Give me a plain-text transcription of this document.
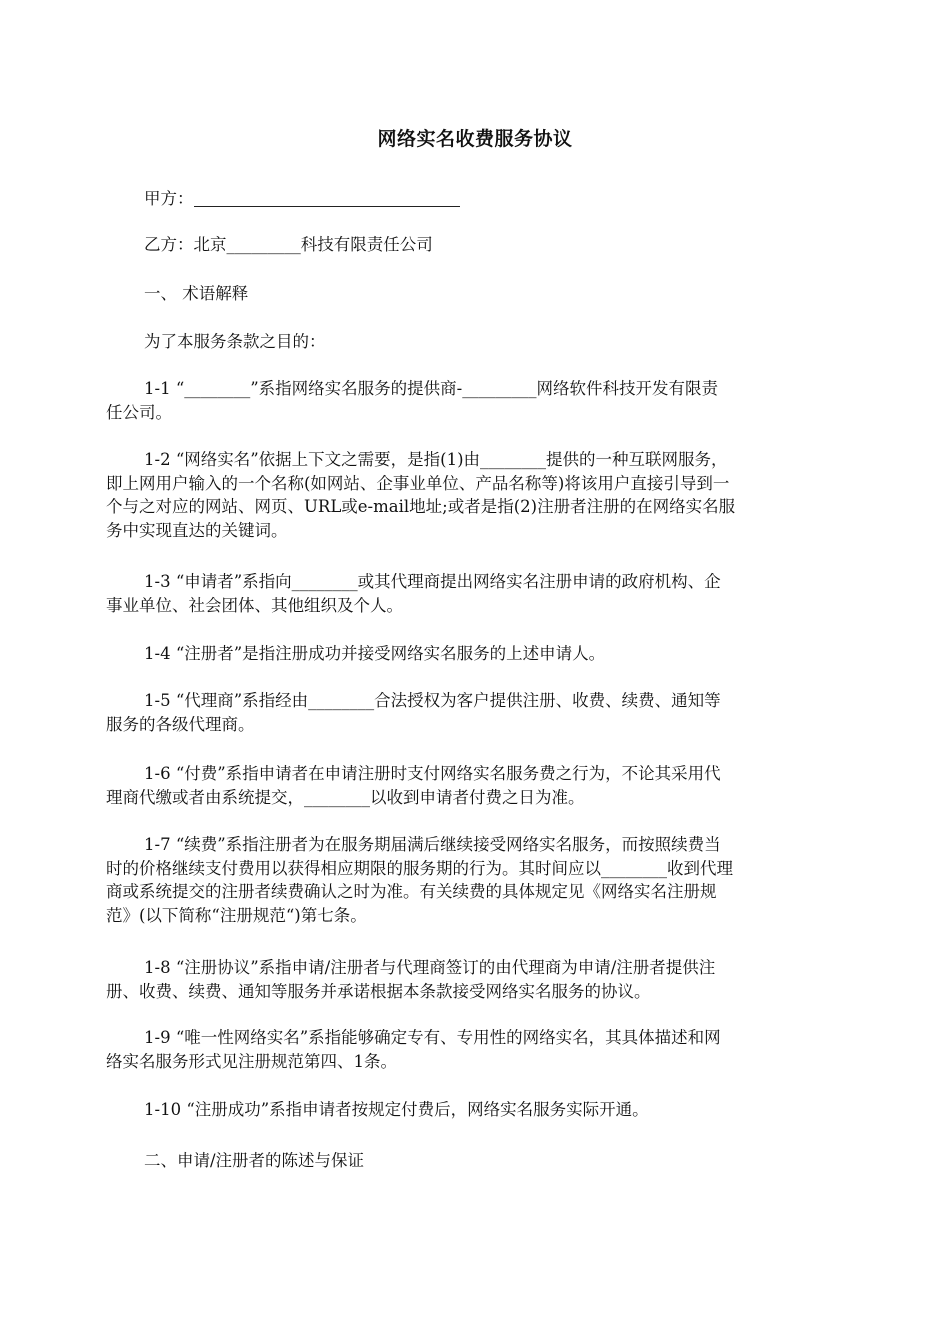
网络实名收费服务协议

甲方：

乙方：北京_________科技有限责任公司

一、 术语解释

为了本服务条款之目的：

1-1 “________”系指网络实名服务的提供商-_________网络软件科技开发有限责
任公司。

1-2 “网络实名”依据上下文之需要，是指(1)由________提供的一种互联网服务，
即上网用户输入的一个名称(如网站、企事业单位、产品名称等)将该用户直接引导到一
个与之对应的网站、网页、URL或e-mail地址;或者是指(2)注册者注册的在网络实名服
务中实现直达的关键词。

1-3 “申请者”系指向________或其代理商提出网络实名注册申请的政府机构、企
事业单位、社会团体、其他组织及个人。

1-4 “注册者”是指注册成功并接受网络实名服务的上述申请人。

1-5 “代理商”系指经由________合法授权为客户提供注册、收费、续费、通知等
服务的各级代理商。

1-6 “付费”系指申请者在申请注册时支付网络实名服务费之行为，不论其采用代
理商代缴或者由系统提交，________以收到申请者付费之日为准。

1-7 “续费”系指注册者为在服务期届满后继续接受网络实名服务，而按照续费当
时的价格继续支付费用以获得相应期限的服务期的行为。其时间应以________收到代理
商或系统提交的注册者续费确认之时为准。有关续费的具体规定见《网络实名注册规
范》(以下简称“注册规范“)第七条。

1-8 “注册协议”系指申请/注册者与代理商签订的由代理商为申请/注册者提供注
册、收费、续费、通知等服务并承诺根据本条款接受网络实名服务的协议。

1-9 “唯一性网络实名”系指能够确定专有、专用性的网络实名，其具体描述和网
络实名服务形式见注册规范第四、1条。

1-10 “注册成功”系指申请者按规定付费后，网络实名服务实际开通。

二、申请/注册者的陈述与保证
